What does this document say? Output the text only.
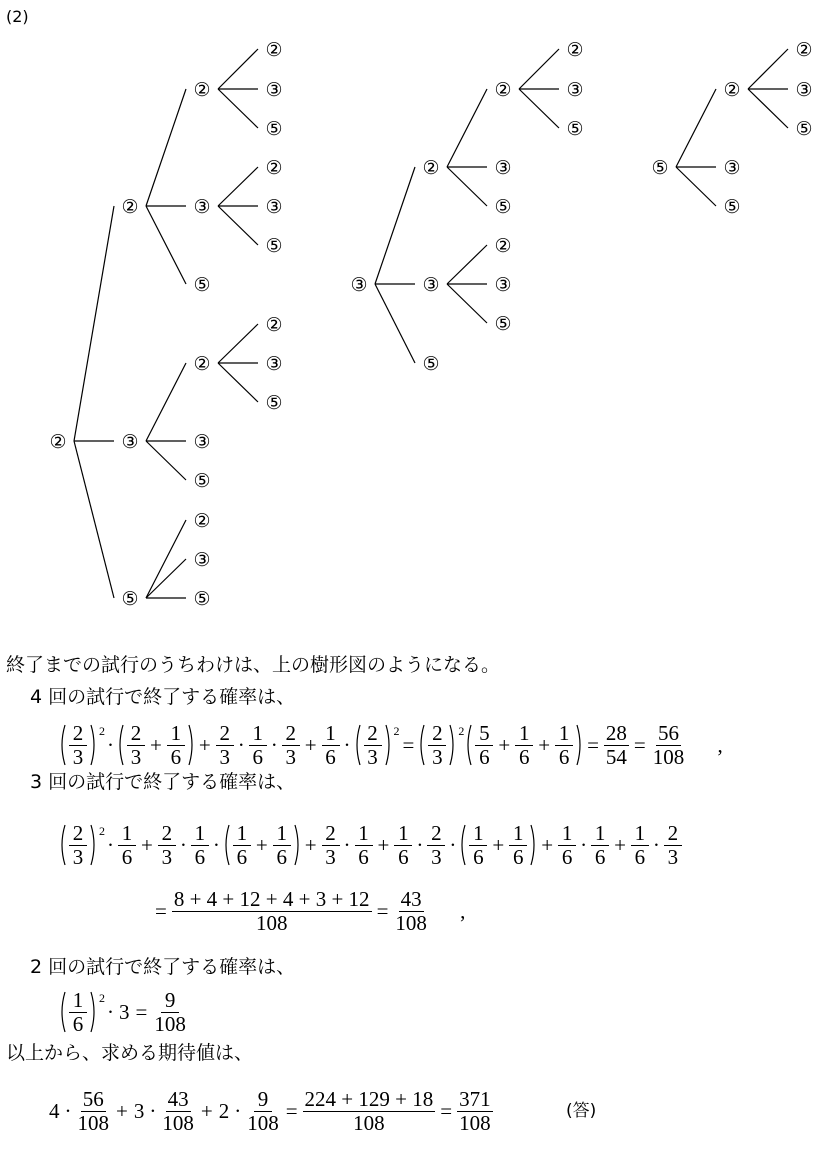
(2)
②
②
②
②
③
⑤
③
②
③
⑤
⑤
③
②
②
③
⑤
③
⑤
⑤
②
③
⑤
③
②
②
②
③
⑤
③
⑤
③
②
③
⑤
⑤
⑤
②
②
③
⑤
③
⑤
終了までの試行のうちわけは、上の樹形図のようになる。
4 回の試行で終了する確率は、
$\frac{2}{3} 2$
· $\frac{2}{3} + \frac{1}{6} + \frac{2}{3} \cdot \frac{1}{6} \cdot \frac{2}{3} + \frac{1}{6} \cdot \frac{2}{3} 2$
= $\frac{2}{3} 2 \frac{5}{6} + \frac{1}{6} + \frac{1}{6} = \frac{28}{54} = \frac{56}{108}$ 　 ,
3 回の試行で終了する確率は、
$\frac{2}{3} 2$
· $\frac{1}{6} + \frac{2}{3} \cdot \frac{1}{6} \cdot \frac{1}{6} + \frac{1}{6} + \frac{2}{3} \cdot \frac{1}{6} + \frac{1}{6} \cdot \frac{2}{3} \cdot \frac{1}{6} + \frac{1}{6} + \frac{1}{6} \cdot \frac{1}{6} + \frac{1}{6} \cdot \frac{2}{3}$
= $\frac{8 + 4 + 12 + 4 + 3 + 12}{108} = \frac{43}{108}$ 　 ,
2 回の試行で終了する確率は、
$\frac{1}{6} 2$
· $3 = \frac{9}{108}$
以上から、求める期待値は、
$4 \cdot \frac{56}{108} + 3 \cdot \frac{43}{108} + 2 \cdot \frac{9}{108} = \frac{224 + 129 + 18}{108} = \frac{371}{108}$	(答)
